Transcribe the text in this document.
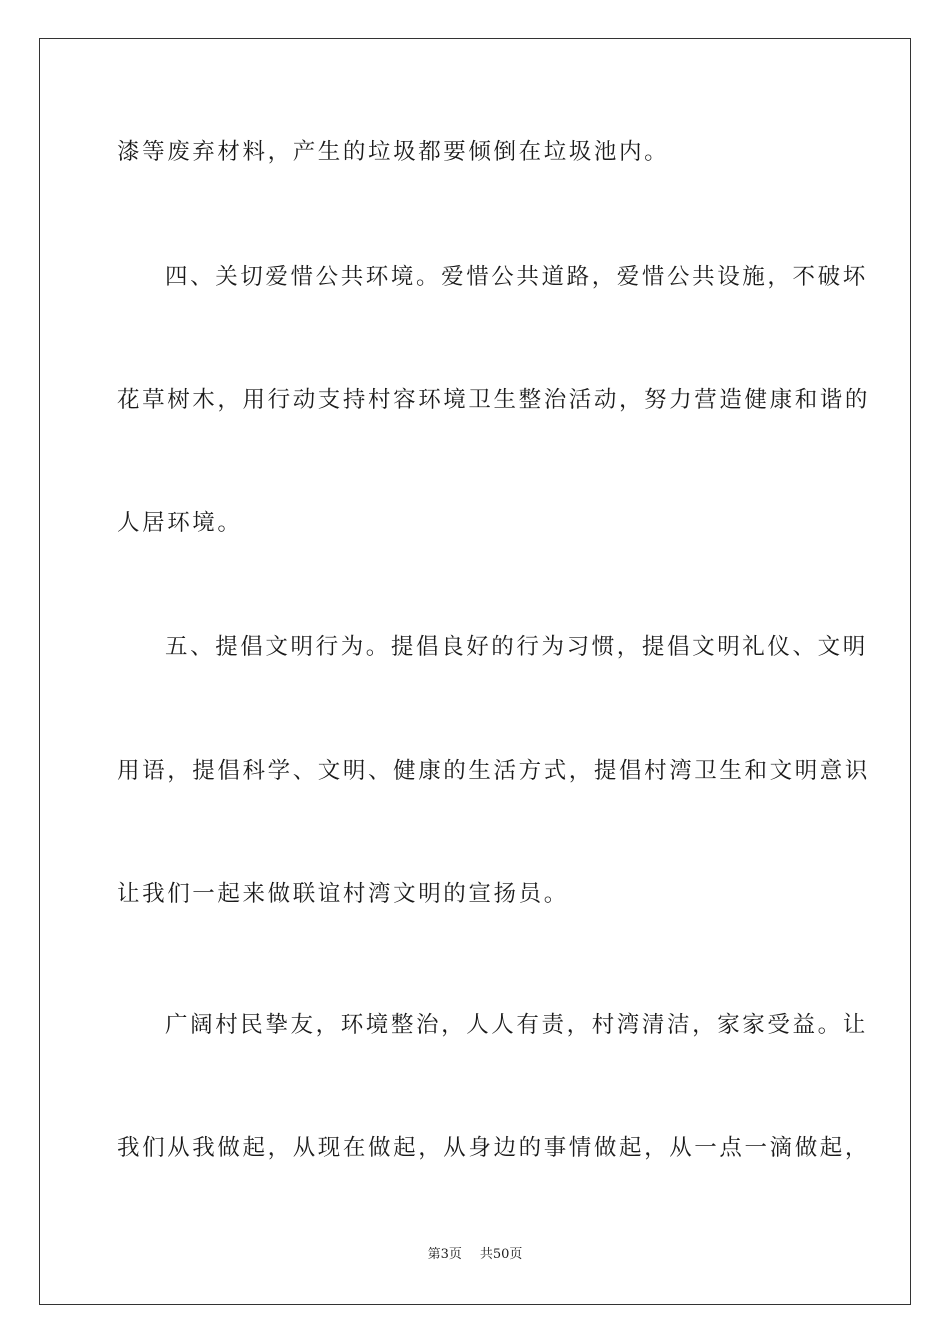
漆等废弃材料，产生的垃圾都要倾倒在垃圾池内。
四、关切爱惜公共环境。爱惜公共道路，爱惜公共设施，不破坏
花草树木，用行动支持村容环境卫生整治活动，努力营造健康和谐的
人居环境。
五、提倡文明行为。提倡良好的行为习惯，提倡文明礼仪、文明
用语，提倡科学、文明、健康的生活方式，提倡村湾卫生和文明意识
让我们一起来做联谊村湾文明的宣扬员。
广阔村民挚友，环境整治，人人有责，村湾清洁，家家受益。让
我们从我做起，从现在做起，从身边的事情做起，从一点一滴做起，
第3页 共50页
